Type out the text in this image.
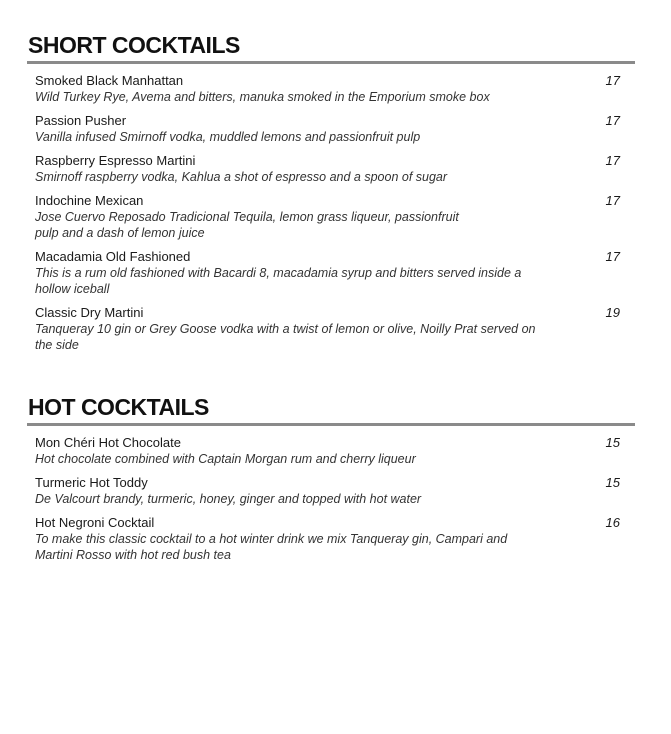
SHORT COCKTAILS
Smoked Black Manhattan
Wild Turkey Rye, Avema and bitters, manuka smoked in the Emporium smoke box
17
Passion Pusher
Vanilla infused Smirnoff vodka, muddled lemons and passionfruit pulp
17
Raspberry Espresso Martini
Smirnoff raspberry vodka, Kahlua a shot of espresso and a spoon of sugar
17
Indochine Mexican
Jose Cuervo Reposado Tradicional Tequila, lemon grass liqueur, passionfruit
pulp and a dash of lemon juice
17
Macadamia Old Fashioned
This is a rum old fashioned with Bacardi 8, macadamia syrup and bitters served inside a
hollow iceball
17
Classic Dry Martini
Tanqueray 10 gin or Grey Goose vodka with a twist of lemon or olive, Noilly Prat served on
the side
19
HOT COCKTAILS
Mon Chéri Hot Chocolate
Hot chocolate combined with Captain Morgan rum and cherry liqueur
15
Turmeric Hot Toddy
De Valcourt brandy, turmeric, honey, ginger and topped with hot water
15
Hot Negroni Cocktail
To make this classic cocktail to a hot winter drink we mix Tanqueray gin, Campari and
Martini Rosso with hot red bush tea
16
